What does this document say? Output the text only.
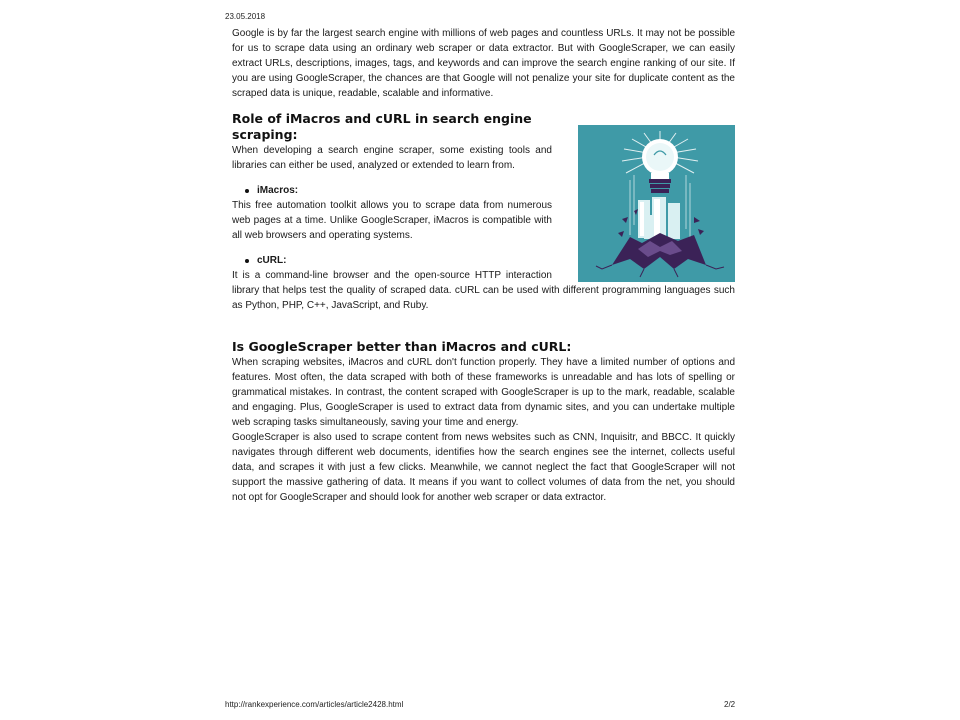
23.05.2018

Google is by far the largest search engine with millions of web pages and countless URLs. It may not be possible for us to scrape data using an ordinary web scraper or data extractor. But with GoogleScraper, we can easily extract URLs, descriptions, images, tags, and keywords and can improve the search engine ranking of our site. If you are using GoogleScraper, the chances are that Google will not penalize your site for duplicate content as the scraped data is unique, readable, scalable and informative.

Role of iMacros and cURL in search engine scraping:

When developing a search engine scraper, some existing tools and libraries can either be used, analyzed or extended to learn from.

iMacros:

This free automation toolkit allows you to scrape data from numerous web pages at a time. Unlike GoogleScraper, iMacros is compatible with all web browsers and operating systems.

cURL:

It is a command-line browser and the open-source HTTP interaction library that helps test the quality of scraped data. cURL can be used with different programming languages such as Python, PHP, C++, JavaScript, and Ruby.

Is GoogleScraper better than iMacros and cURL:

When scraping websites, iMacros and cURL don't function properly. They have a limited number of options and features. Most often, the data scraped with both of these frameworks is unreadable and has lots of spelling or grammatical mistakes. In contrast, the content scraped with GoogleScraper is up to the mark, readable, scalable and engaging. Plus, GoogleScraper is used to extract data from dynamic sites, and you can undertake multiple web scraping tasks simultaneously, saving your time and energy.

GoogleScraper is also used to scrape content from news websites such as CNN, Inquisitr, and BBCC. It quickly navigates through different web documents, identifies how the search engines see the internet, collects useful data, and scrapes it with just a few clicks. Meanwhile, we cannot neglect the fact that GoogleScraper will not support the massive gathering of data. It means if you want to collect volumes of data from the net, you should not opt for GoogleScraper and should look for another web scraper or data extractor.

http://rankexperience.com/articles/article2428.html	2/2
